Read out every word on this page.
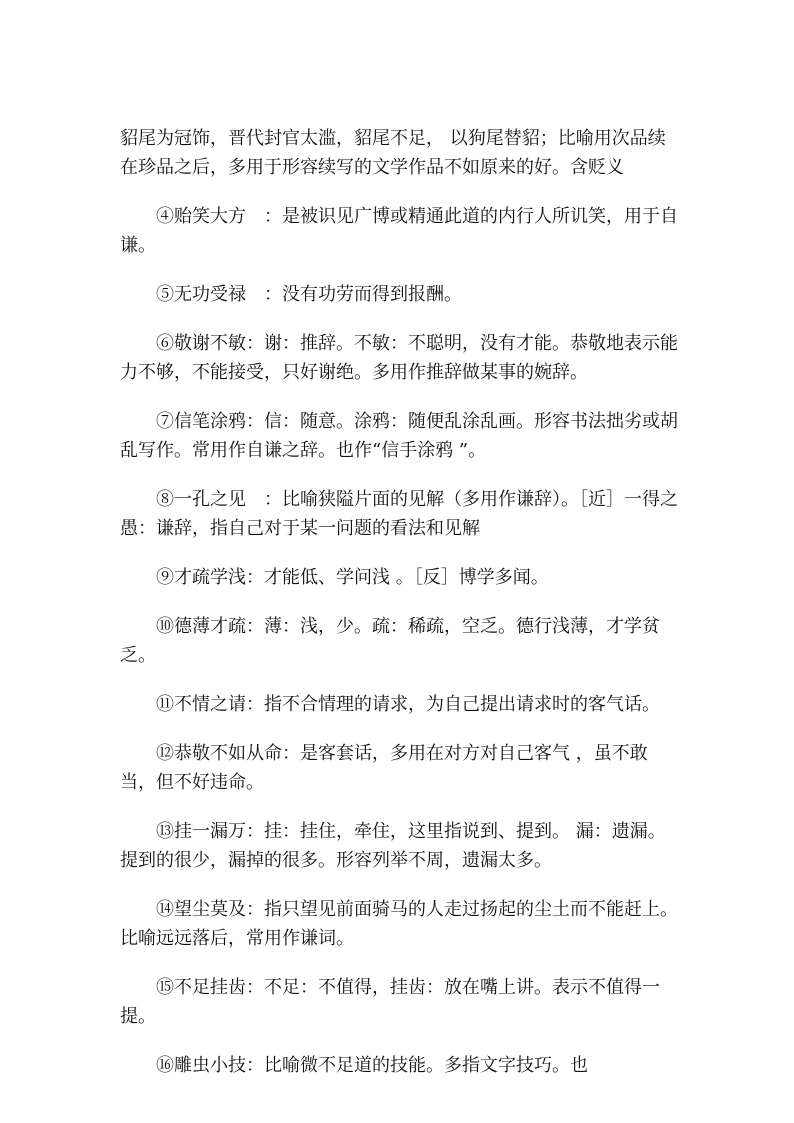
貂尾为冠饰，晋代封官太滥，貂尾不足， 以狗尾替貂；比喻用次品续在珍品之后，多用于形容续写的文学作品不如原来的好。含贬义

④贻笑大方　：是被识见广博或精通此道的内行人所讥笑，用于自谦。

⑤无功受禄　：没有功劳而得到报酬。

⑥敬谢不敏：谢：推辞。不敏：不聪明，没有才能。恭敬地表示能力不够，不能接受，只好谢绝。多用作推辞做某事的婉辞。

⑦信笔涂鸦：信：随意。涂鸦：随便乱涂乱画。形容书法拙劣或胡乱写作。常用作自谦之辞。也作“信手涂鸦 ”。

⑧一孔之见　：比喻狭隘片面的见解（多用作谦辞）。［近］一得之愚：谦辞，指自己对于某一问题的看法和见解

⑨才疏学浅：才能低、学问浅 。［反］博学多闻。

⑩德薄才疏：薄：浅，少。疏：稀疏，空乏。德行浅薄，才学贫乏。

⑪不情之请：指不合情理的请求，为自己提出请求时的客气话。

⑫恭敬不如从命：是客套话，多用在对方对自己客气 ，虽不敢当，但不好违命。

⑬挂一漏万：挂：挂住，牵住，这里指说到、提到。 漏：遗漏。提到的很少，漏掉的很多。形容列举不周，遗漏太多。

⑭望尘莫及：指只望见前面骑马的人走过扬起的尘土而不能赶上。比喻远远落后，常用作谦词。

⑮不足挂齿：不足：不值得，挂齿：放在嘴上讲。表示不值得一提。

⑯雕虫小技：比喻微不足道的技能。多指文字技巧。也
